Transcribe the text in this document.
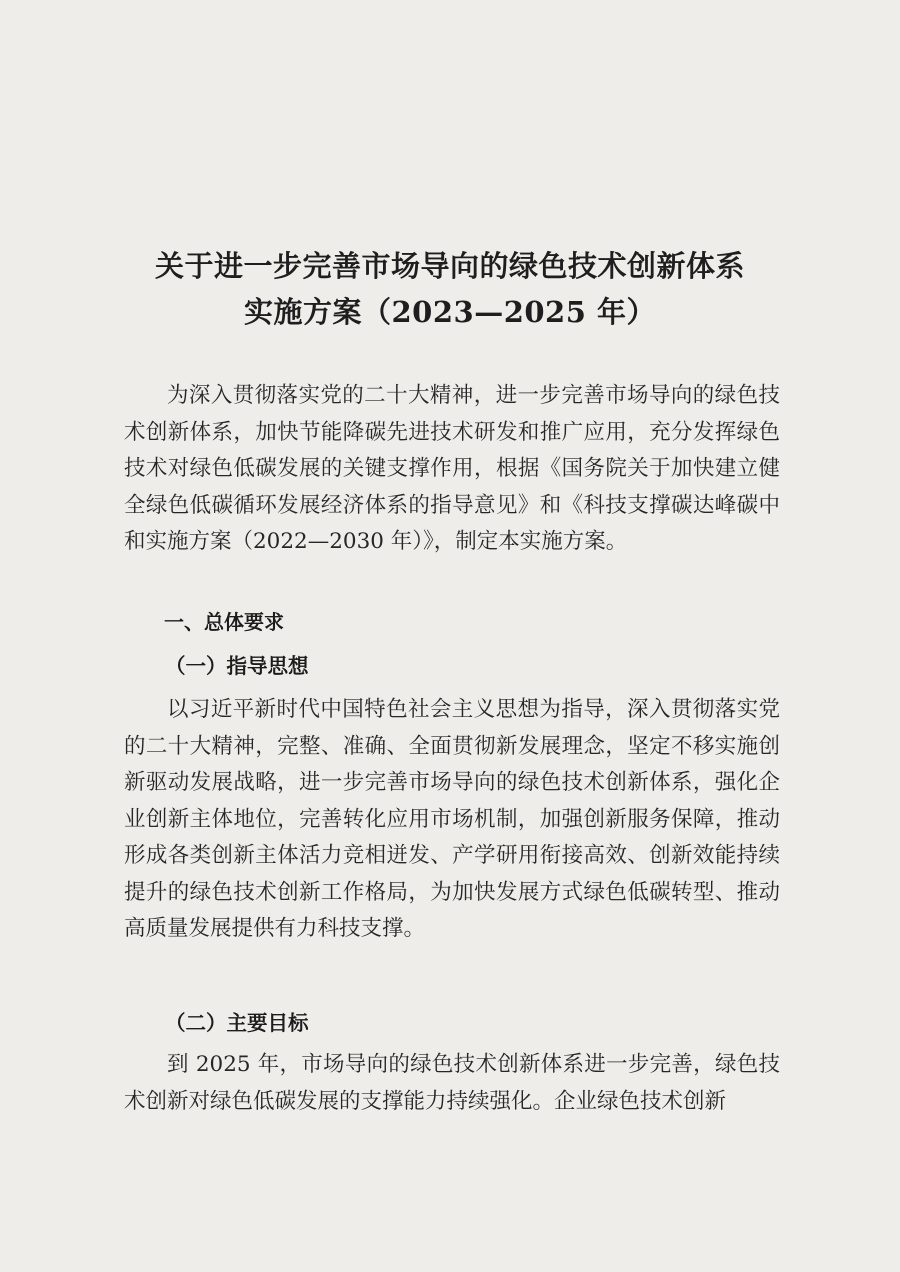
关于进一步完善市场导向的绿色技术创新体系
实施方案（2023—2025 年）

为深入贯彻落实党的二十大精神，进一步完善市场导向的绿色技术创新体系，加快节能降碳先进技术研发和推广应用，充分发挥绿色技术对绿色低碳发展的关键支撑作用，根据《国务院关于加快建立健全绿色低碳循环发展经济体系的指导意见》和《科技支撑碳达峰碳中和实施方案（2022—2030 年）》，制定本实施方案。

一、总体要求

（一）指导思想

以习近平新时代中国特色社会主义思想为指导，深入贯彻落实党的二十大精神，完整、准确、全面贯彻新发展理念，坚定不移实施创新驱动发展战略，进一步完善市场导向的绿色技术创新体系，强化企业创新主体地位，完善转化应用市场机制，加强创新服务保障，推动形成各类创新主体活力竞相迸发、产学研用衔接高效、创新效能持续提升的绿色技术创新工作格局，为加快发展方式绿色低碳转型、推动高质量发展提供有力科技支撑。

（二）主要目标

到 2025 年，市场导向的绿色技术创新体系进一步完善，绿色技术创新对绿色低碳发展的支撑能力持续强化。企业绿色技术创新
